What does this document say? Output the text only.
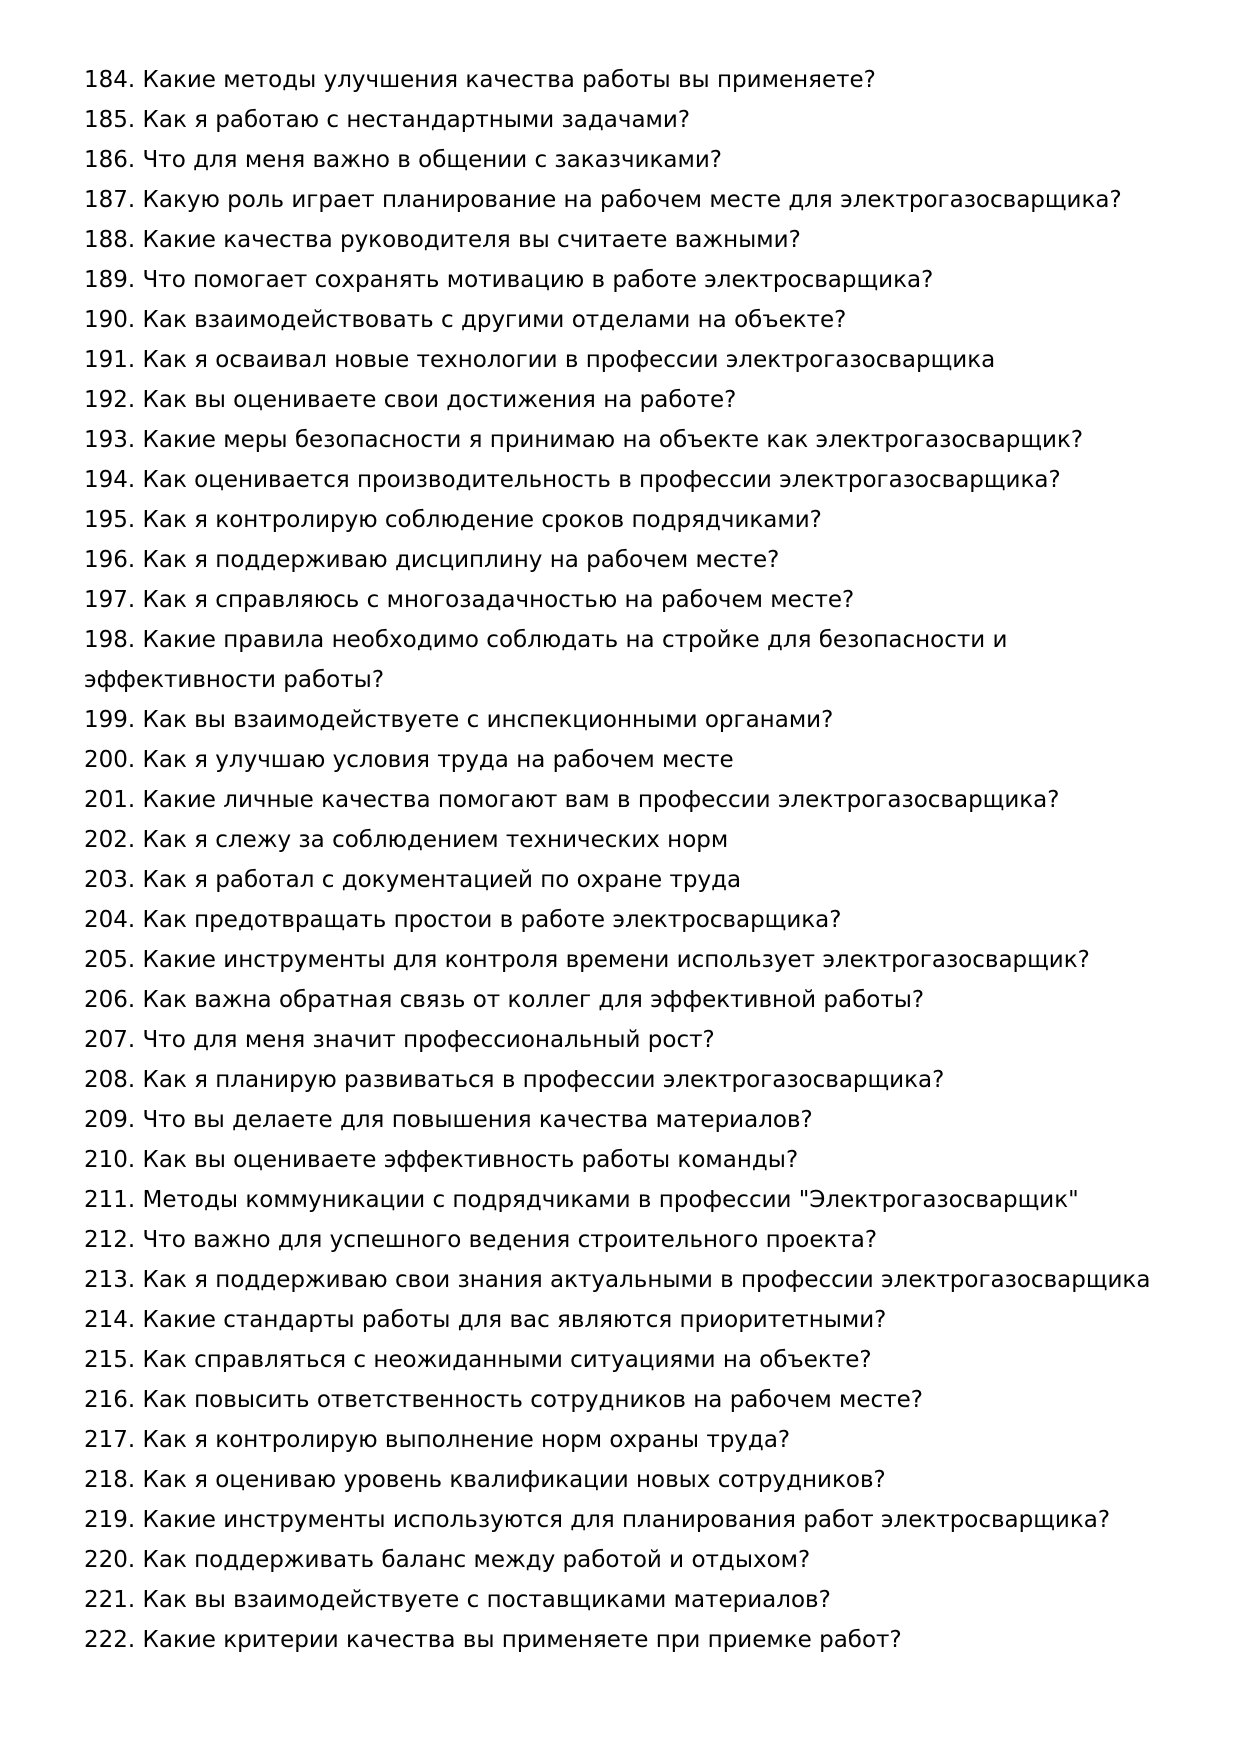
184. Какие методы улучшения качества работы вы применяете?
185. Как я работаю с нестандартными задачами?
186. Что для меня важно в общении с заказчиками?
187. Какую роль играет планирование на рабочем месте для электрогазосварщика?
188. Какие качества руководителя вы считаете важными?
189. Что помогает сохранять мотивацию в работе электросварщика?
190. Как взаимодействовать с другими отделами на объекте?
191. Как я осваивал новые технологии в профессии электрогазосварщика
192. Как вы оцениваете свои достижения на работе?
193. Какие меры безопасности я принимаю на объекте как электрогазосварщик?
194. Как оценивается производительность в профессии электрогазосварщика?
195. Как я контролирую соблюдение сроков подрядчиками?
196. Как я поддерживаю дисциплину на рабочем месте?
197. Как я справляюсь с многозадачностью на рабочем месте?
198. Какие правила необходимо соблюдать на стройке для безопасности и эффективности работы?
199. Как вы взаимодействуете с инспекционными органами?
200. Как я улучшаю условия труда на рабочем месте
201. Какие личные качества помогают вам в профессии электрогазосварщика?
202. Как я слежу за соблюдением технических норм
203. Как я работал с документацией по охране труда
204. Как предотвращать простои в работе электросварщика?
205. Какие инструменты для контроля времени использует электрогазосварщик?
206. Как важна обратная связь от коллег для эффективной работы?
207. Что для меня значит профессиональный рост?
208. Как я планирую развиваться в профессии электрогазосварщика?
209. Что вы делаете для повышения качества материалов?
210. Как вы оцениваете эффективность работы команды?
211. Методы коммуникации с подрядчиками в профессии "Электрогазосварщик"
212. Что важно для успешного ведения строительного проекта?
213. Как я поддерживаю свои знания актуальными в профессии электрогазосварщика
214. Какие стандарты работы для вас являются приоритетными?
215. Как справляться с неожиданными ситуациями на объекте?
216. Как повысить ответственность сотрудников на рабочем месте?
217. Как я контролирую выполнение норм охраны труда?
218. Как я оцениваю уровень квалификации новых сотрудников?
219. Какие инструменты используются для планирования работ электросварщика?
220. Как поддерживать баланс между работой и отдыхом?
221. Как вы взаимодействуете с поставщиками материалов?
222. Какие критерии качества вы применяете при приемке работ?
